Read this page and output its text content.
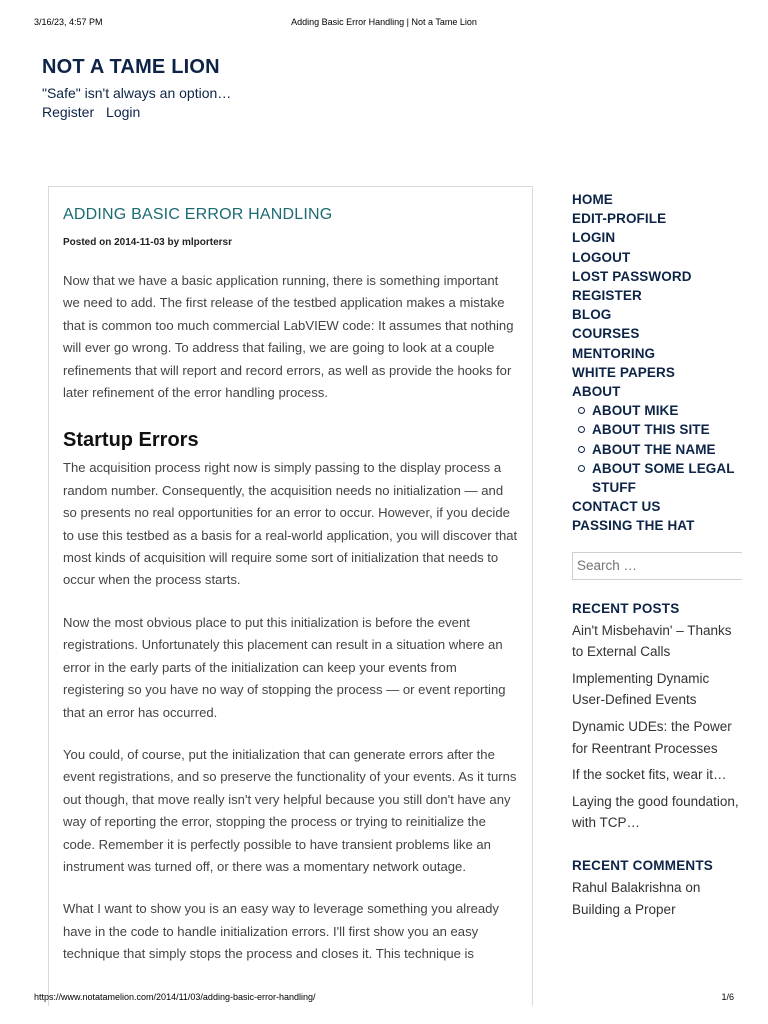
3/16/23, 4:57 PM	Adding Basic Error Handling | Not a Tame Lion
NOT A TAME LION
"Safe" isn't always an option…
Register Login
ADDING BASIC ERROR HANDLING
Posted on 2014-11-03 by mlportersr

Now that we have a basic application running, there is something important we need to add. The first release of the testbed application makes a mistake that is common too much commercial LabVIEW code: It assumes that nothing will ever go wrong. To address that failing, we are going to look at a couple refinements that will report and record errors, as well as provide the hooks for later refinement of the error handling process.

Startup Errors

The acquisition process right now is simply passing to the display process a random number. Consequently, the acquisition needs no initialization — and so presents no real opportunities for an error to occur. However, if you decide to use this testbed as a basis for a real-world application, you will discover that most kinds of acquisition will require some sort of initialization that needs to occur when the process starts.

Now the most obvious place to put this initialization is before the event registrations. Unfortunately this placement can result in a situation where an error in the early parts of the initialization can keep your events from registering so you have no way of stopping the process — or event reporting that an error has occurred.

You could, of course, put the initialization that can generate errors after the event registrations, and so preserve the functionality of your events. As it turns out though, that move really isn't very helpful because you still don't have any way of reporting the error, stopping the process or trying to reinitialize the code. Remember it is perfectly possible to have transient problems like an instrument was turned off, or there was a momentary network outage.

What I want to show you is an easy way to leverage something you already have in the code to handle initialization errors. I'll first show you an easy technique that simply stops the process and closes it. This technique is

HOME
EDIT-PROFILE
LOGIN
LOGOUT
LOST PASSWORD
REGISTER
BLOG
COURSES
MENTORING
WHITE PAPERS
ABOUT
ABOUT MIKE
ABOUT THIS SITE
ABOUT THE NAME
ABOUT SOME LEGAL STUFF
CONTACT US
PASSING THE HAT
Search …
RECENT POSTS
Ain't Misbehavin' – Thanks to External Calls
Implementing Dynamic User-Defined Events
Dynamic UDEs: the Power for Reentrant Processes
If the socket fits, wear it…
Laying the good foundation, with TCP…
RECENT COMMENTS
Rahul Balakrishna on Building a Proper
https://www.notatamelion.com/2014/11/03/adding-basic-error-handling/	1/6
